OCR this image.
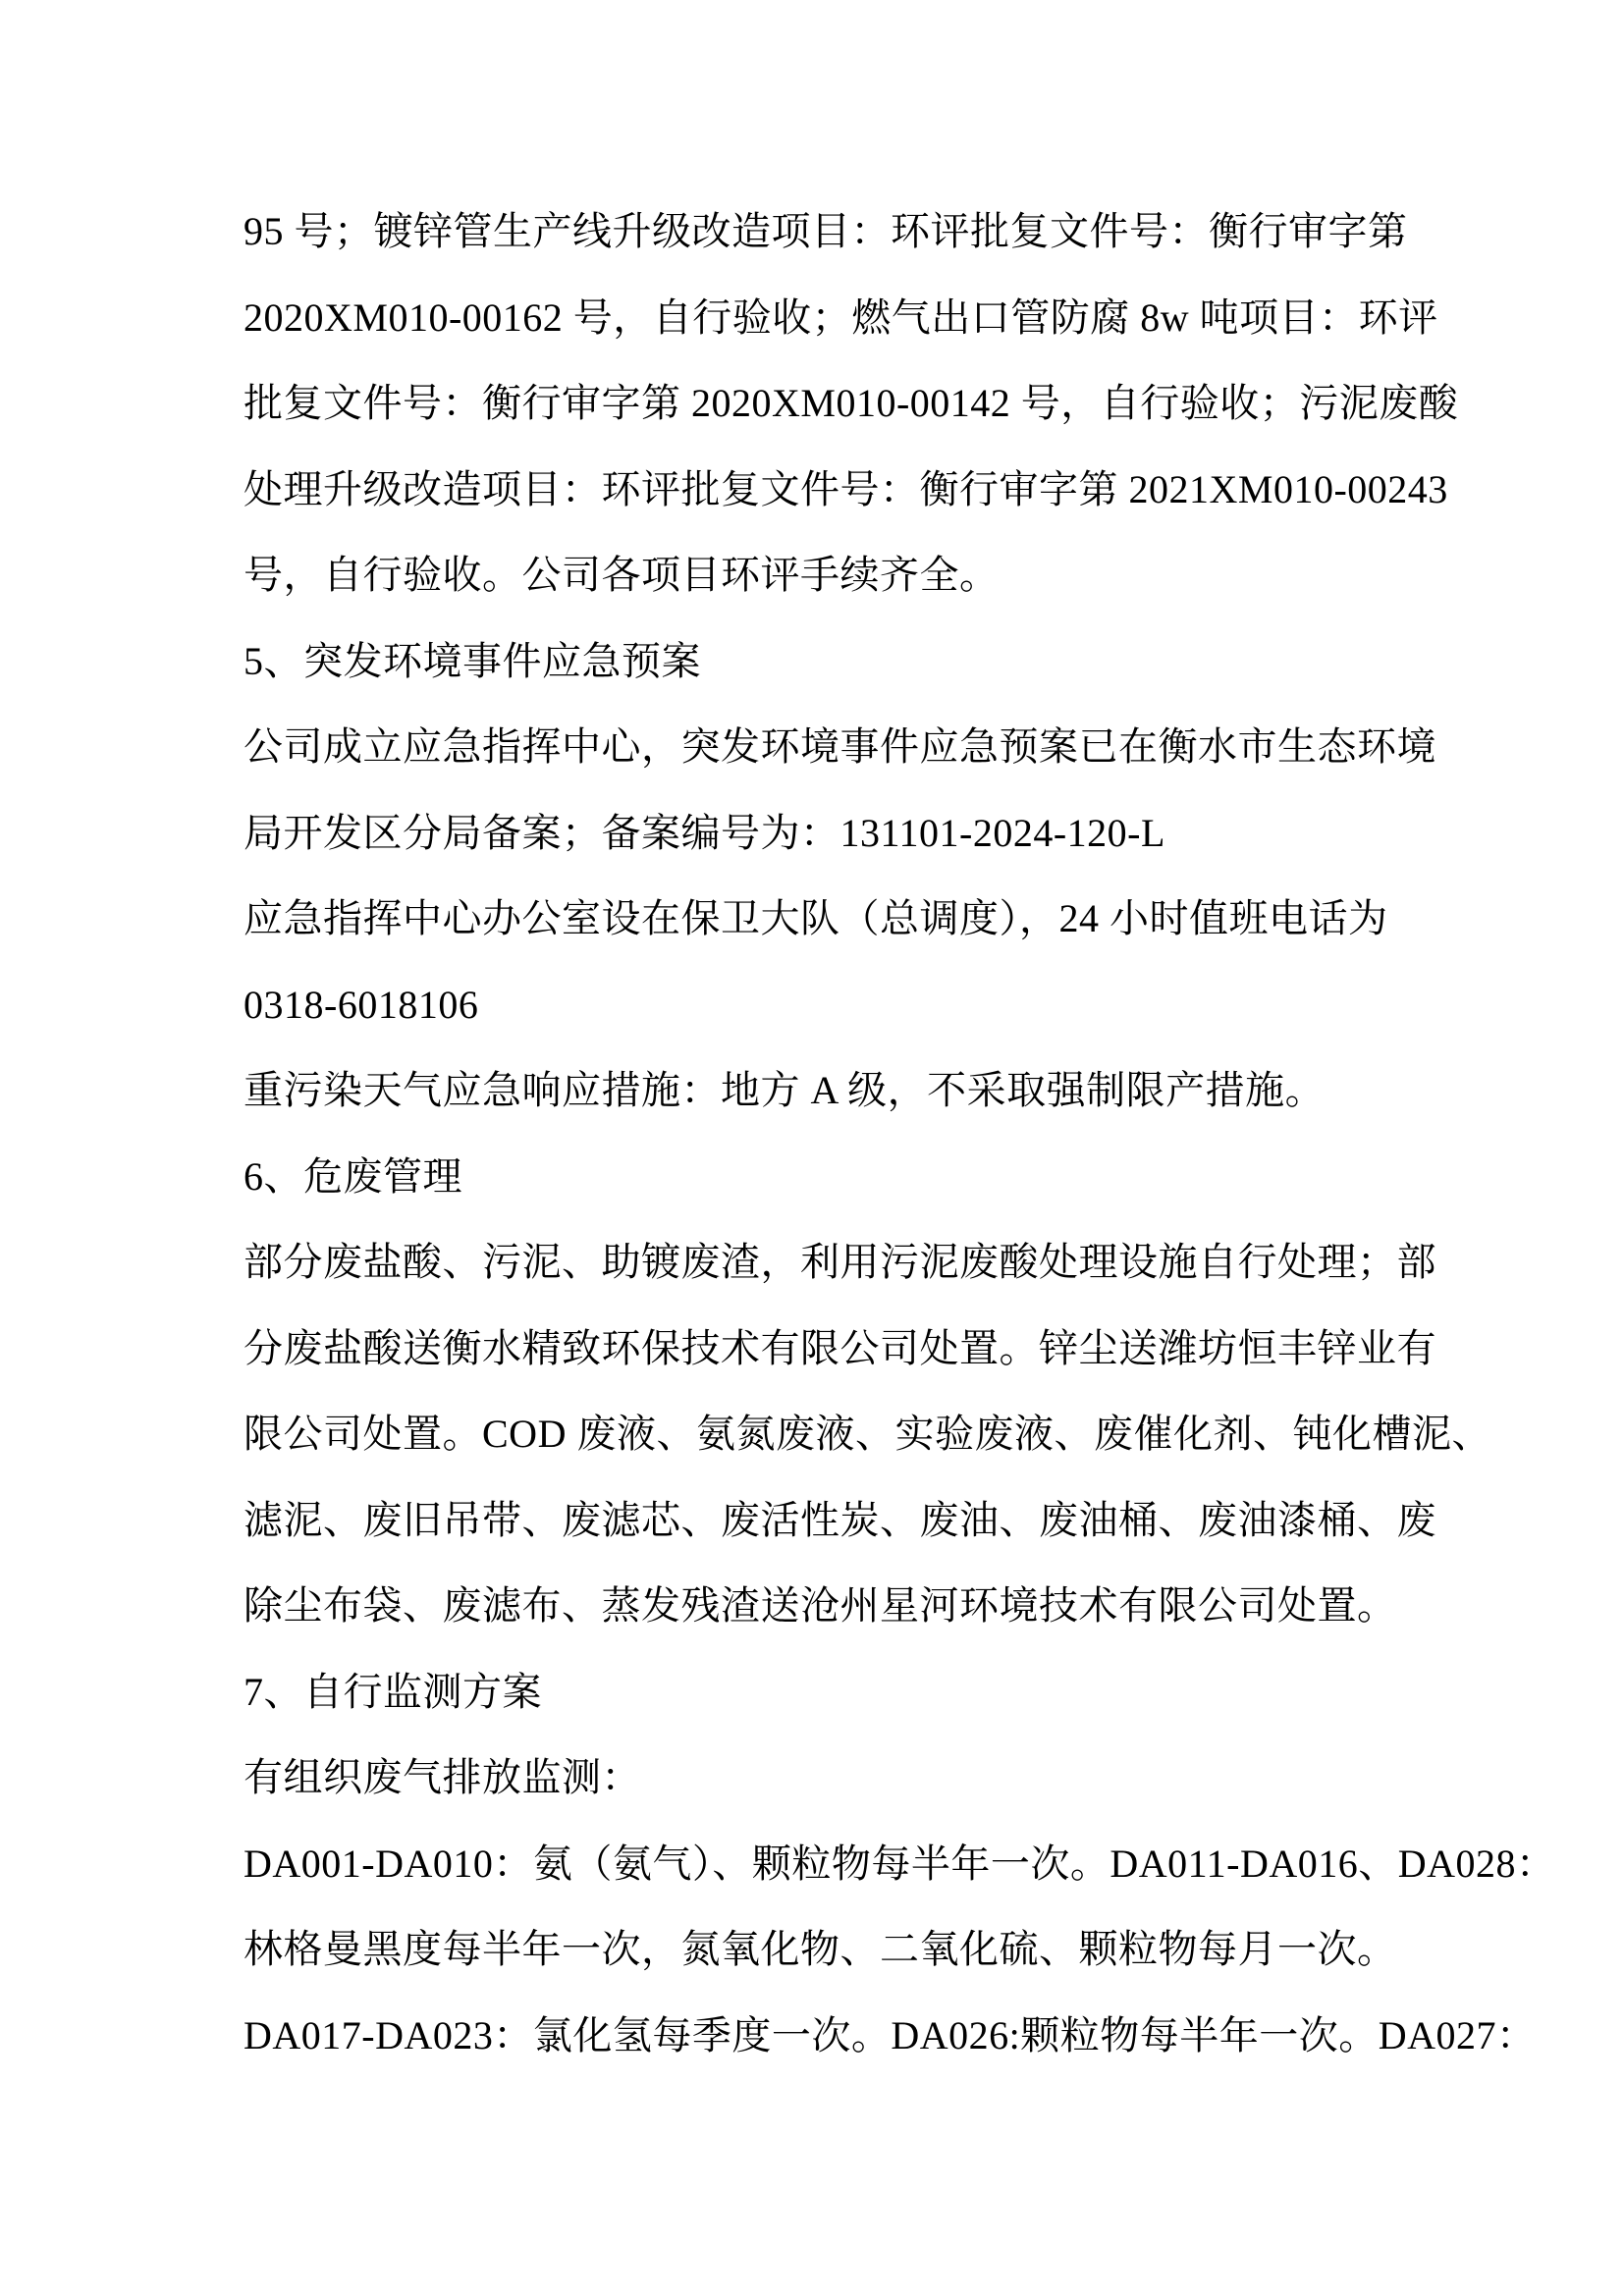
95 号；镀锌管生产线升级改造项目：环评批复文件号：衡行审字第
2020XM010-00162 号，自行验收；燃气出口管防腐 8w 吨项目：环评
批复文件号：衡行审字第 2020XM010-00142 号，自行验收；污泥废酸
处理升级改造项目：环评批复文件号：衡行审字第 2021XM010-00243
号，自行验收。公司各项目环评手续齐全。
5、突发环境事件应急预案
公司成立应急指挥中心，突发环境事件应急预案已在衡水市生态环境
局开发区分局备案；备案编号为：131101-2024-120-L
应急指挥中心办公室设在保卫大队（总调度），24 小时值班电话为
0318-6018106
重污染天气应急响应措施：地方 A 级，不采取强制限产措施。
6、危废管理
部分废盐酸、污泥、助镀废渣，利用污泥废酸处理设施自行处理；部
分废盐酸送衡水精致环保技术有限公司处置。锌尘送潍坊恒丰锌业有
限公司处置。COD 废液、氨氮废液、实验废液、废催化剂、钝化槽泥、
滤泥、废旧吊带、废滤芯、废活性炭、废油、废油桶、废油漆桶、废
除尘布袋、废滤布、蒸发残渣送沧州星河环境技术有限公司处置。
7、自行监测方案
有组织废气排放监测：
DA001-DA010：氨（氨气）、颗粒物每半年一次。DA011-DA016、DA028：
林格曼黑度每半年一次，氮氧化物、二氧化硫、颗粒物每月一次。
DA017-DA023：氯化氢每季度一次。DA026:颗粒物每半年一次。DA027：
